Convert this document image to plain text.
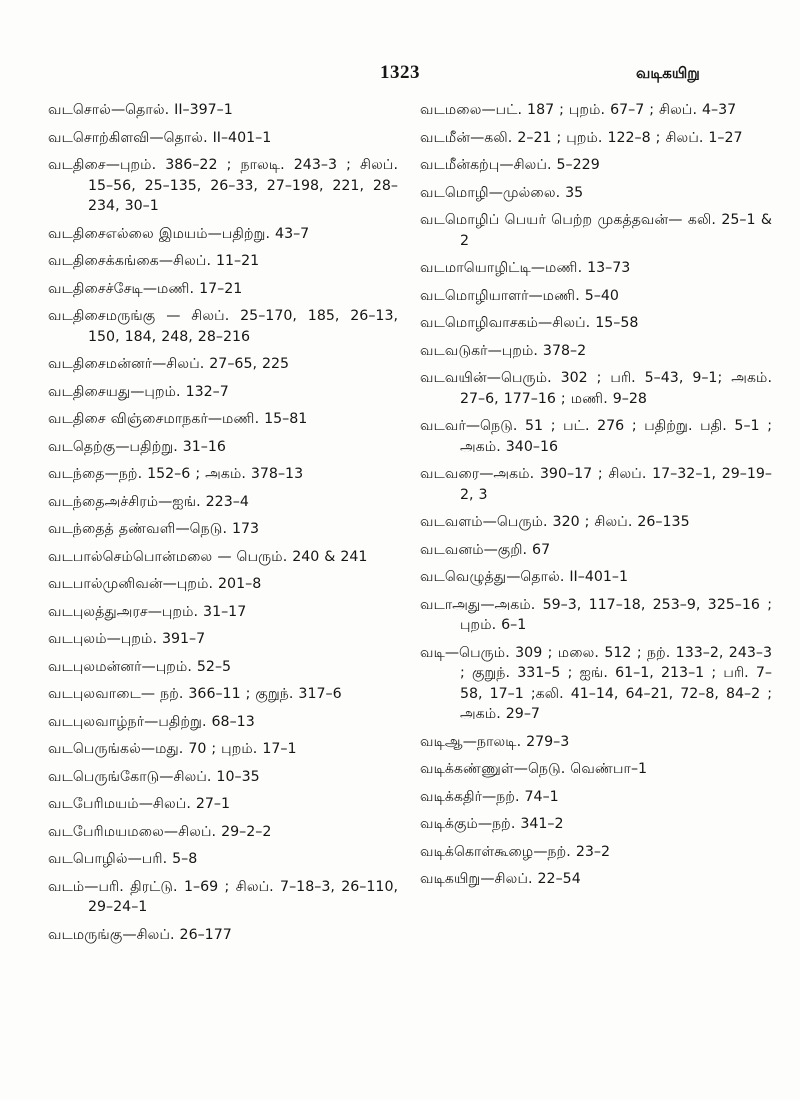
1323	வடிகயிறு
வடசொல்—தொல். II–397–1
வடசொற்கிளவி—தொல். II–401–1
வடதிசை—புறம். 386–22 ; நாலடி. 243–3 ; சிலப். 15–56, 25–135, 26–33, 27–198, 221, 28–234, 30–1
வடதிசைஎல்லை இமயம்—பதிற்று. 43–7
வடதிசைக்கங்கை—சிலப். 11–21
வடதிசைச்சேடி—மணி. 17–21
வடதிசைமருங்கு — சிலப். 25–170, 185, 26–13, 150, 184, 248, 28–216
வடதிசைமன்னர்—சிலப். 27–65, 225
வடதிசையது—புறம். 132–7
வடதிசை விஞ்சைமாநகர்—மணி. 15–81
வடதெற்கு—பதிற்று. 31–16
வடந்தை—நற். 152–6 ; அகம். 378–13
வடந்தைஅச்சிரம்—ஐங். 223–4
வடந்தைத் தண்வளி—நெடு. 173
வடபால்செம்பொன்மலை — பெரும். 240 & 241
வடபால்முனிவன்—புறம். 201–8
வடபுலத்துஅரச—புறம். 31–17
வடபுலம்—புறம். 391–7
வடபுலமன்னர்—புறம். 52–5
வடபுலவாடை— நற். 366–11 ; குறுந். 317–6
வடபுலவாழ்நர்—பதிற்று. 68–13
வடபெருங்கல்—மது. 70 ; புறம். 17–1
வடபெருங்கோடு—சிலப். 10–35
வடபேரிமயம்—சிலப். 27–1
வடபேரிமயமலை—சிலப். 29–2–2
வடபொழில்—பரி. 5–8
வடம்—பரி. திரட்டு. 1–69 ; சிலப். 7–18–3, 26–110, 29–24–1
வடமருங்கு—சிலப். 26–177
வடமலை—பட். 187 ; புறம். 67–7 ; சிலப். 4–37
வடமீன்—கலி. 2–21 ; புறம். 122–8 ; சிலப். 1–27
வடமீன்கற்பு—சிலப். 5–229
வடமொழி—முல்லை. 35
வடமொழிப் பெயர் பெற்ற முகத்தவன்— கலி. 25–1 & 2
வடமாயொழிட்டி—மணி. 13–73
வடமொழியாளர்—மணி. 5–40
வடமொழிவாசகம்—சிலப். 15–58
வடவடுகர்—புறம். 378–2
வடவயின்—பெரும். 302 ; பரி. 5–43, 9–1; அகம். 27–6, 177–16 ; மணி. 9–28
வடவர்—நெடு. 51 ; பட். 276 ; பதிற்று. பதி. 5–1 ; அகம். 340–16
வடவரை—அகம். 390–17 ; சிலப். 17–32–1, 29–19–2, 3
வடவளம்—பெரும். 320 ; சிலப். 26–135
வடவனம்—குறி. 67
வடவெழுத்து—தொல். II–401–1
வடாஅது—அகம். 59–3, 117–18, 253–9, 325–16 ; புறம். 6–1
வடி—பெரும். 309 ; மலை. 512 ; நற். 133–2, 243–3 ; குறுந். 331–5 ; ஐங். 61–1, 213–1 ; பரி. 7–58, 17–1 ;கலி. 41–14, 64–21, 72–8, 84–2 ; அகம். 29–7
வடிஆ—நாலடி. 279–3
வடிக்கண்ணுள்—நெடு. வெண்பா–1
வடிக்கதிர்—நற். 74–1
வடிக்கும்—நற். 341–2
வடிக்கொள்கூழை—நற். 23–2
வடிகயிறு—சிலப். 22–54
